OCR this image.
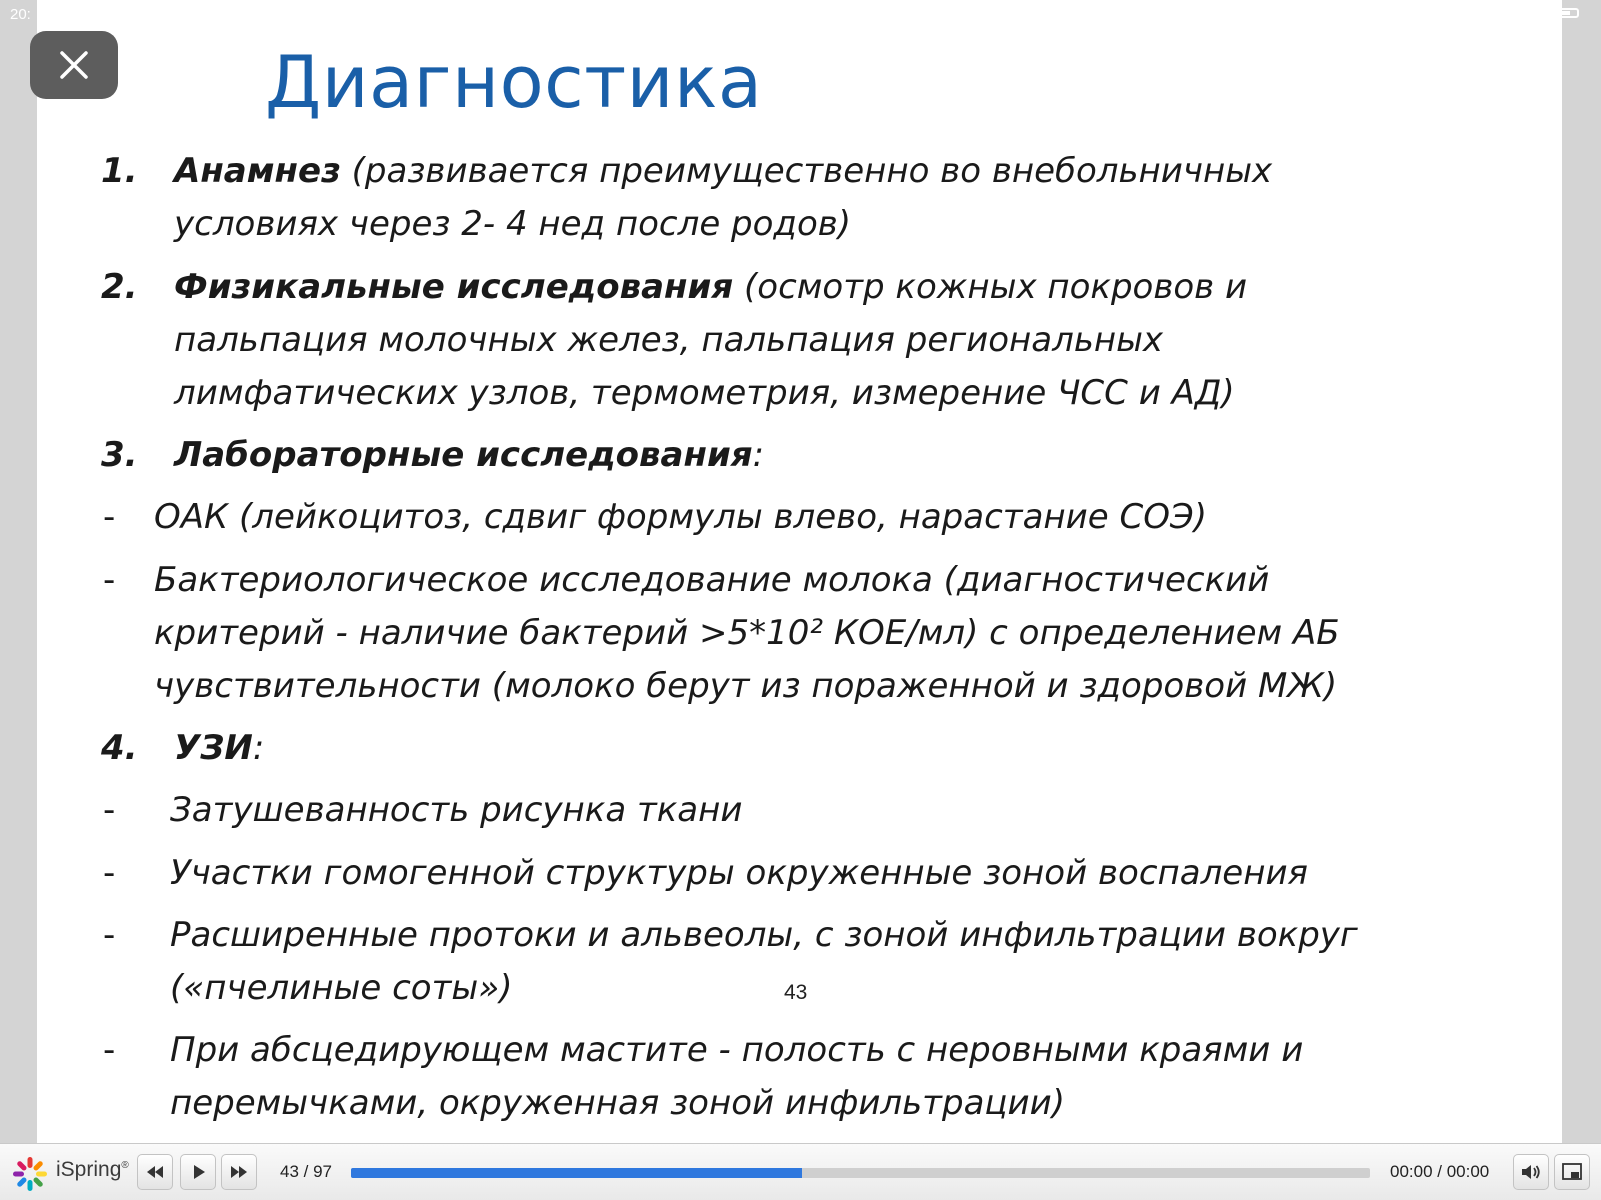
20:
Диагностика
1. Анамнез (развивается преимущественно во внебольничных
условиях через 2- 4 нед после родов)
2. Физикальные исследования (осмотр кожных покровов и
пальпация молочных желез, пальпация региональных
лимфатических узлов, термометрия, измерение ЧСС и АД)
3. Лабораторные исследования:
- ОАК (лейкоцитоз, сдвиг формулы влево, нарастание СОЭ)
- Бактериологическое исследование молока (диагностический
критерий - наличие бактерий >5*10² КОЕ/мл) с определением АБ
чувствительности (молоко берут из пораженной и здоровой МЖ)
4. УЗИ:
- Затушеванность рисунка ткани
- Участки гомогенной структуры окруженные зоной воспаления
- Расширенные протоки и альвеолы, с зоной инфильтрации вокруг
(«пчелиные соты»)
- При абсцедирующем мастите - полость с неровными краями и
перемычками, окруженная зоной инфильтрации)
43
iSpring®	43 / 97	00:00 / 00:00
